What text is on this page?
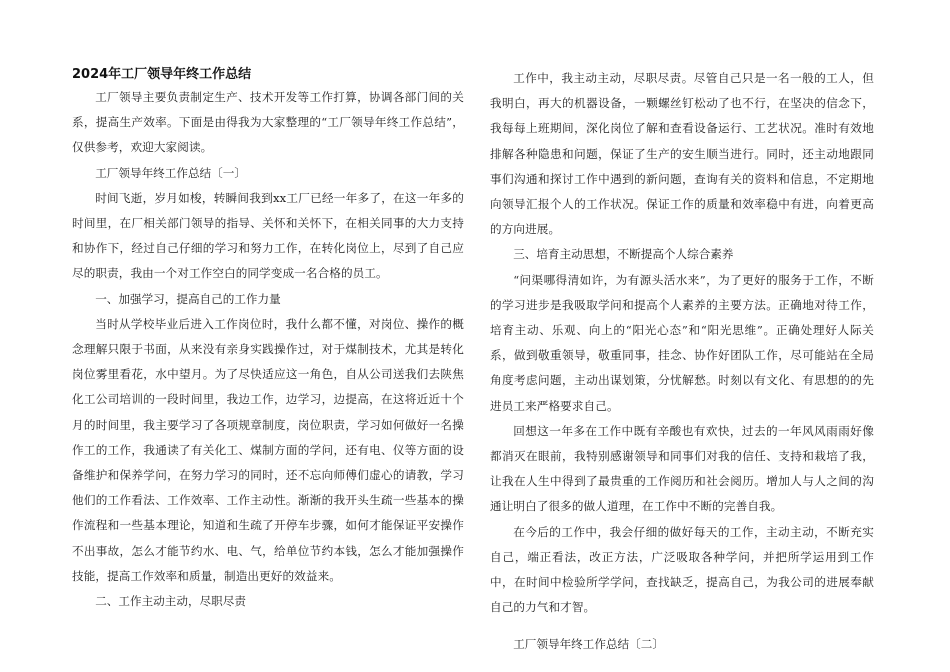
2024年工厂领导年终工作总结

工厂领导主要负责制定生产、技术开发等工作打算，协调各部门间的关系，提高生产效率。下面是由得我为大家整理的“工厂领导年终工作总结”，仅供参考，欢迎大家阅读。

工厂领导年终工作总结〔一〕

时间飞逝，岁月如梭，转瞬间我到xx工厂已经一年多了，在这一年多的时间里，在厂相关部门领导的指导、关怀和关怀下，在相关同事的大力支持和协作下，经过自己仔细的学习和努力工作，在转化岗位上，尽到了自己应尽的职责，我由一个对工作空白的同学变成一名合格的员工。

一、加强学习，提高自己的工作力量

当时从学校毕业后进入工作岗位时，我什么都不懂，对岗位、操作的概念理解只限于书面，从来没有亲身实践操作过，对于煤制技术，尤其是转化岗位雾里看花，水中望月。为了尽快适应这一角色，自从公司送我们去陕焦化工公司培训的一段时间里，我边工作，边学习，边提高，在这将近近十个月的时间里，我主要学习了各项规章制度，岗位职责，学习如何做好一名操作工的工作，我通读了有关化工、煤制方面的学问，还有电、仪等方面的设备维护和保养学问，在努力学习的同时，还不忘向师傅们虚心的请教，学习他们的工作看法、工作效率、工作主动性。渐渐的我开头生疏一些基本的操作流程和一些基本理论，知道和生疏了开停车步骤，如何才能保证平安操作不出事故，怎么才能节约水、电、气，给单位节约本钱，怎么才能加强操作技能，提高工作效率和质量，制造出更好的效益来。

二、工作主动主动，尽职尽责

工作中，我主动主动，尽职尽责。尽管自己只是一名一般的工人，但我明白，再大的机器设备，一颗螺丝钉松动了也不行，在坚决的信念下，我每每上班期间，深化岗位了解和查看设备运行、工艺状况。准时有效地排解各种隐患和问题，保证了生产的安生顺当进行。同时，还主动地跟同事们沟通和探讨工作中遇到的新问题，查询有关的资料和信息，不定期地向领导汇报个人的工作状况。保证工作的质量和效率稳中有进，向着更高的方向进展。

三、培育主动思想，不断提高个人综合素养

“问渠哪得清如许，为有源头活水来”，为了更好的服务于工作，不断的学习进步是我吸取学问和提高个人素养的主要方法。正确地对待工作，培育主动、乐观、向上的“阳光心态”和“阳光思维”。正确处理好人际关系，做到敬重领导，敬重同事，挂念、协作好团队工作，尽可能站在全局角度考虑问题，主动出谋划策，分忧解愁。时刻以有文化、有思想的的先进员工来严格要求自己。

回想这一年多在工作中既有辛酸也有欢快，过去的一年风风雨雨好像都消灭在眼前，我特别感谢领导和同事们对我的信任、支持和栽培了我，让我在人生中得到了最贵重的工作阅历和社会阅历。增加人与人之间的沟通让明白了很多的做人道理，在工作中不断的完善自我。

在今后的工作中，我会仔细的做好每天的工作，主动主动，不断充实自己，端正看法，改正方法，广泛吸取各种学问，并把所学运用到工作中，在时间中检验所学学问，查找缺乏，提高自己，为我公司的进展奉献自己的力气和才智。

工厂领导年终工作总结〔二〕
